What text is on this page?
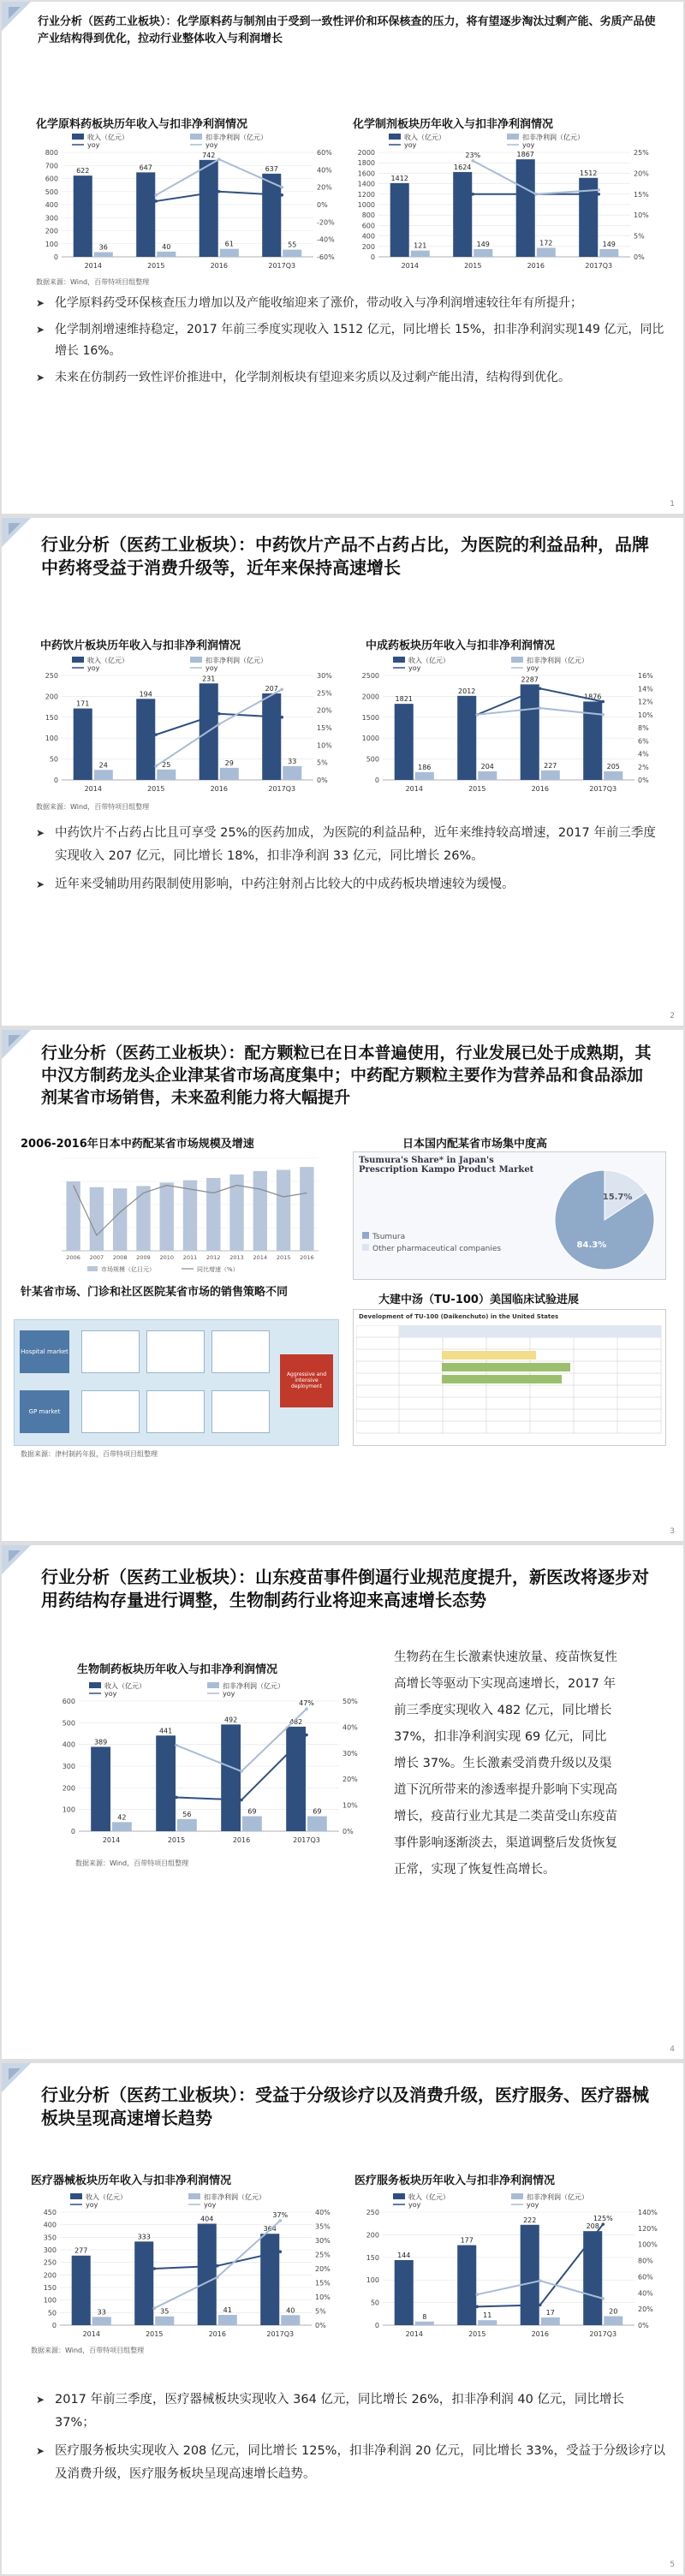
行业分析（医药工业板块）：化学原料药与制剂由于受到一致性评价和环保核查的压力，将有望逐步淘汰过剩产能、劣质产品使产业结构得到优化，拉动行业整体收入与利润增长
化学原料药板块历年收入与扣非净利润情况	化学制剂板块历年收入与扣非净利润情况
收入（亿元）
yoy
扣非净利润（亿元）
yoy
0
100
200
300
400
500
600
700
800
-60%
-40%
-20%
0%
20%
40%
60%
2014
622
36
2015
647
40
2016
742
61
2017Q3
637
55
收入（亿元）
yoy
扣非净利润（亿元）
yoy
0
200
400
600
800
1000
1200
1400
1600
1800
2000
0%
5%
10%
15%
20%
25%
2014
1412
121
2015
1624
149
2016
1867
172
2017Q3
1512
149
23%
数据来源：Wind，百带特项目组整理
➤ 化学原料药受环保核查压力增加以及产能收缩迎来了涨价，带动收入与净利润增速较往年有所提升；
➤ 化学制剂增速维持稳定，2017 年前三季度实现收入 1512 亿元，同比增长 15%，扣非净利润实现149 亿元，同比增长 16%。
➤ 未来在仿制药一致性评价推进中，化学制剂板块有望迎来劣质以及过剩产能出清，结构得到优化。
1
行业分析（医药工业板块）：中药饮片产品不占药占比，为医院的利益品种，品牌中药将受益于消费升级等，近年来保持高速增长
中药饮片板块历年收入与扣非净利润情况	中成药板块历年收入与扣非净利润情况
收入（亿元）
yoy
扣非净利润（亿元）
yoy
0
50
100
150
200
250
0%
5%
10%
15%
20%
25%
30%
2014
171
24
2015
194
25
2016
231
29
2017Q3
207
33
收入（亿元）
yoy
扣非净利润（亿元）
yoy
0
500
1000
1500
2000
2500
0%
2%
4%
6%
8%
10%
12%
14%
16%
2014
1821
186
2015
2012
204
2016
2287
227
2017Q3
1876
205
数据来源：Wind，百带特项目组整理
➤ 中药饮片不占药占比且可享受 25%的医药加成，为医院的利益品种，近年来维持较高增速，2017 年前三季度实现收入 207 亿元，同比增长 18%，扣非净利润 33 亿元，同比增长 26%。
➤ 近年来受辅助用药限制使用影响，中药注射剂占比较大的中成药板块增速较为缓慢。
2
行业分析（医药工业板块）：配方颗粒已在日本普遍使用，行业发展已处于成熟期，其中汉方制药龙头企业津某省市场高度集中；中药配方颗粒主要作为营养品和食品添加剂某省市场销售，未来盈利能力将大幅提升
2006-2016年日本中药配某省市场规模及增速	日本国内配某省市场集中度高
2006 2007 2008 2009 2010 2011 2012 2013 2014 2015 2016
市场规模（亿日元）	同比增速（%）
Tsumura's Share* in Japan's Prescription Kampo Product Market
Tsumura
Other pharmaceutical companies	84.3%
15.7%
针某省市场、门诊和社区医院某省市场的销售策略不同
大建中汤（TU-100）美国临床试验进展
Hospital market
GP market
Aggressive and intensive deployment
Development of TU-100 (Daikenchuto) in the United States
数据来源：津村制药年报，百带特项目组整理
3
行业分析（医药工业板块）：山东疫苗事件倒逼行业规范度提升，新医改将逐步对用药结构存量进行调整，生物制药行业将迎来高速增长态势
生物制药板块历年收入与扣非净利润情况
收入（亿元）
yoy
扣非净利润（亿元）
yoy
0
100
200
300
400
500
600
0%
10%
20%
30%
40%
50%
2014
389
42
2015
441
56
2016
492
69
2017Q3
482
69
47%
数据来源：Wind，百带特项目组整理
生物药在生长激素快速放量、疫苗恢复性高增长等驱动下实现高速增长，2017 年前三季度实现收入 482 亿元，同比增长37%，扣非净利润实现 69 亿元，同比增长 37%。生长激素受消费升级以及渠道下沉所带来的渗透率提升影响下实现高增长，疫苗行业尤其是二类苗受山东疫苗事件影响逐渐淡去，渠道调整后发货恢复正常，实现了恢复性高增长。
4
行业分析（医药工业板块）：受益于分级诊疗以及消费升级，医疗服务、医疗器械板块呈现高速增长趋势
医疗器械板块历年收入与扣非净利润情况	医疗服务板块历年收入与扣非净利润情况
收入（亿元）
yoy
扣非净利润（亿元）
yoy
0
50
100
150
200
250
300
350
400
450
0%
5%
10%
15%
20%
25%
30%
35%
40%
2014
277
33
2015
333
35
2016
404
41
2017Q3
364
40
37%
收入（亿元）
yoy
扣非净利润（亿元）
yoy
0
50
100
150
200
250
0%
20%
40%
60%
80%
100%
120%
140%
2014
144
8
2015
177
11
2016
222
17
2017Q3
208
20
125%
数据来源：Wind，百带特项目组整理
➤ 2017 年前三季度，医疗器械板块实现收入 364 亿元，同比增长 26%，扣非净利润 40 亿元，同比增长 37%；
➤ 医疗服务板块实现收入 208 亿元，同比增长 125%，扣非净利润 20 亿元，同比增长 33%，受益于分级诊疗以及消费升级，医疗服务板块呈现高速增长趋势。
5
